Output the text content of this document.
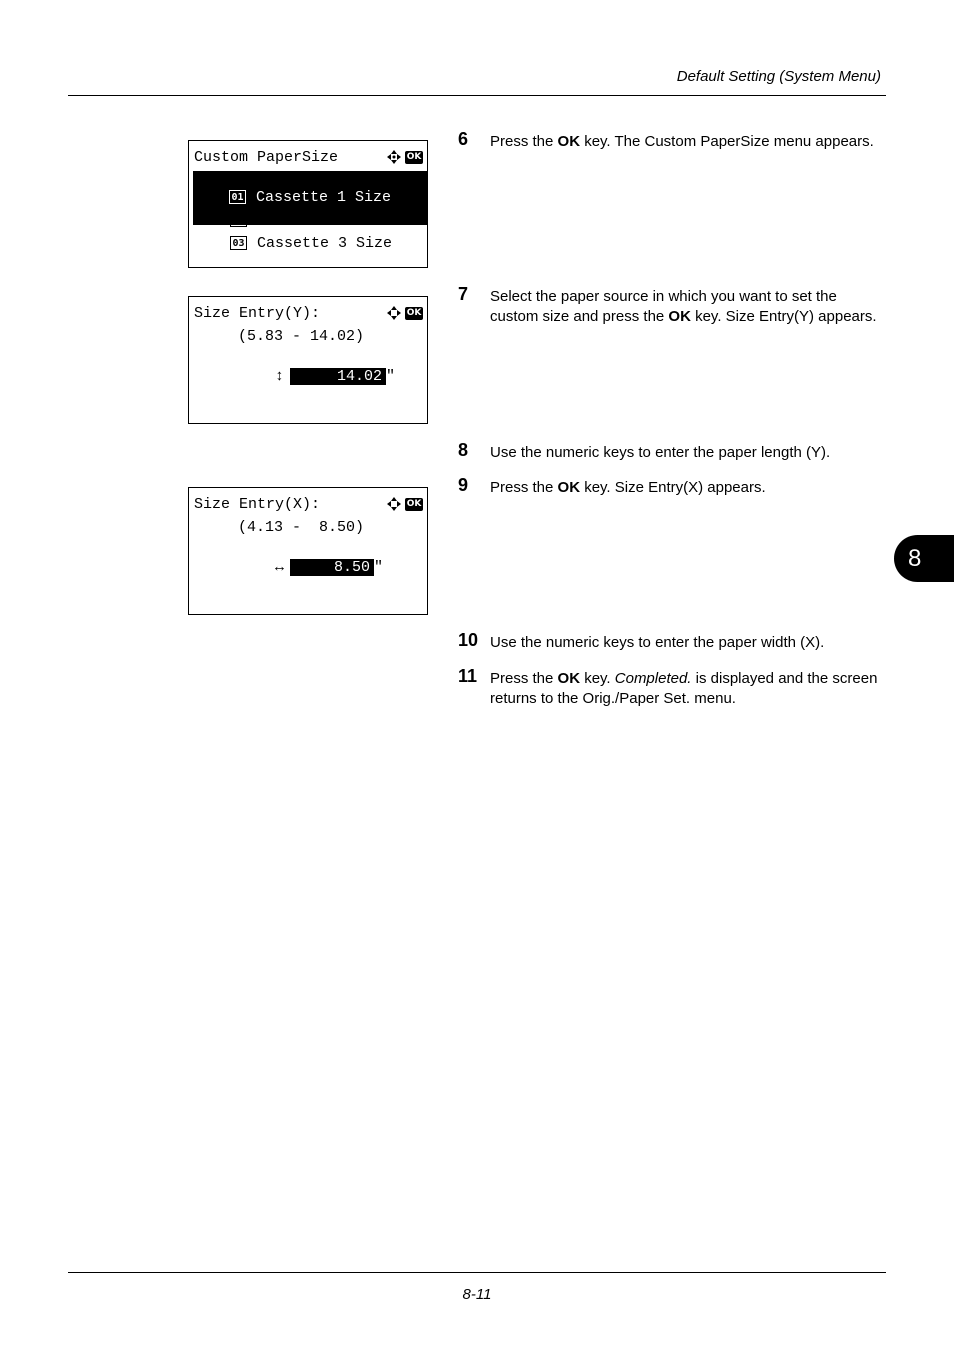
Default Setting (System Menu)
Custom PaperSize	OK

01 Cassette 1 Size

02 Cassette 2 Size

03 Cassette 3 Size

Size Entry(Y):	OK
(5.83 - 14.02)

↕	14.02 "

Size Entry(X):	OK
(4.13 -  8.50)

↔	8.50 "

6 Press the OK key. The Custom PaperSize menu appears.
7 Select the paper source in which you want to set the custom size and press the OK key. Size Entry(Y) appears.
8 Use the numeric keys to enter the paper length (Y).
9 Press the OK key. Size Entry(X) appears.
10 Use the numeric keys to enter the paper width (X).
11 Press the OK key. Completed. is displayed and the screen returns to the Orig./Paper Set. menu.
8
8-11
